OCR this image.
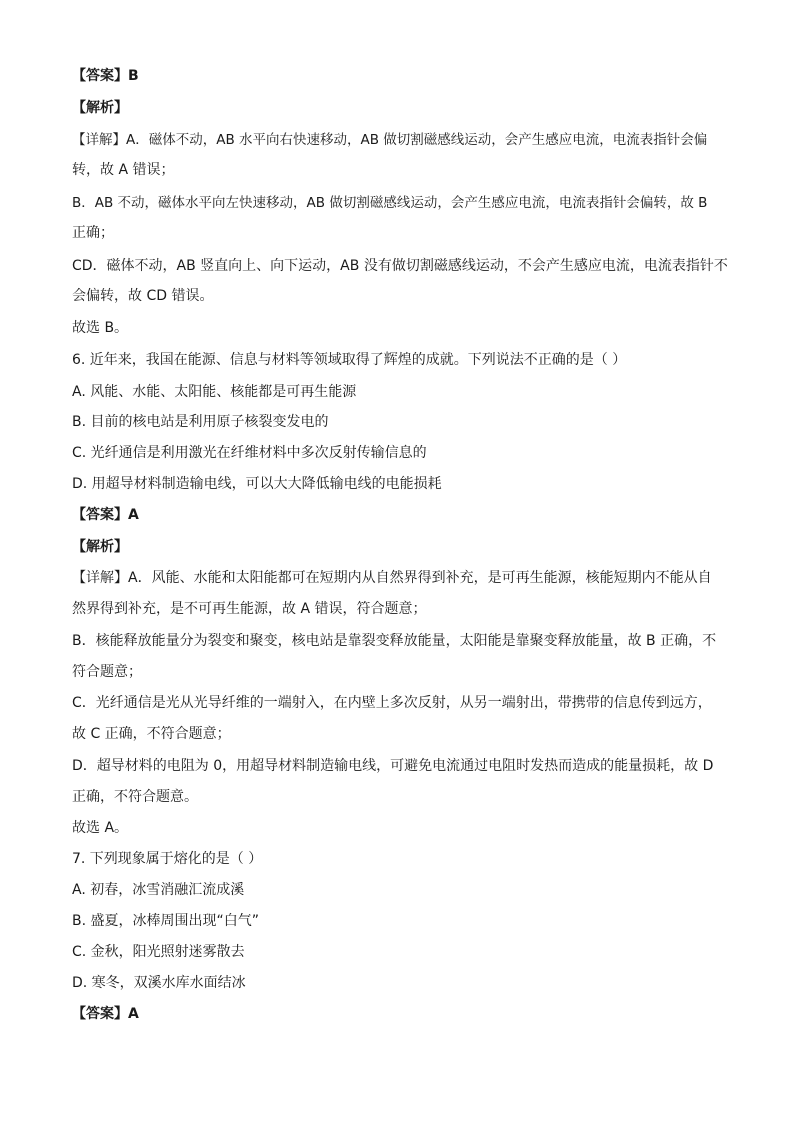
【答案】B
【解析】
【详解】A．磁体不动，AB 水平向右快速移动，AB 做切割磁感线运动，会产生感应电流，电流表指针会偏
转，故 A 错误；
B．AB 不动，磁体水平向左快速移动，AB 做切割磁感线运动，会产生感应电流，电流表指针会偏转，故 B
正确；
CD．磁体不动，AB 竖直向上、向下运动，AB 没有做切割磁感线运动，不会产生感应电流，电流表指针不
会偏转，故 CD 错误。
故选 B。
6. 近年来，我国在能源、信息与材料等领域取得了辉煌的成就。下列说法不正确的是（ ）
A. 风能、水能、太阳能、核能都是可再生能源
B. 目前的核电站是利用原子核裂变发电的
C. 光纤通信是利用激光在纤维材料中多次反射传输信息的
D. 用超导材料制造输电线，可以大大降低输电线的电能损耗
【答案】A
【解析】
【详解】A．风能、水能和太阳能都可在短期内从自然界得到补充，是可再生能源，核能短期内不能从自
然界得到补充，是不可再生能源，故 A 错误，符合题意；
B．核能释放能量分为裂变和聚变，核电站是靠裂变释放能量，太阳能是靠聚变释放能量，故 B 正确，不
符合题意；
C．光纤通信是光从光导纤维的一端射入，在内壁上多次反射，从另一端射出，带携带的信息传到远方，
故 C 正确，不符合题意；
D．超导材料的电阻为 0，用超导材料制造输电线，可避免电流通过电阻时发热而造成的能量损耗，故 D
正确，不符合题意。
故选 A。
7. 下列现象属于熔化的是（ ）
A. 初春，冰雪消融汇流成溪
B. 盛夏，冰棒周围出现“白气”
C. 金秋，阳光照射迷雾散去
D. 寒冬，双溪水库水面结冰
【答案】A
